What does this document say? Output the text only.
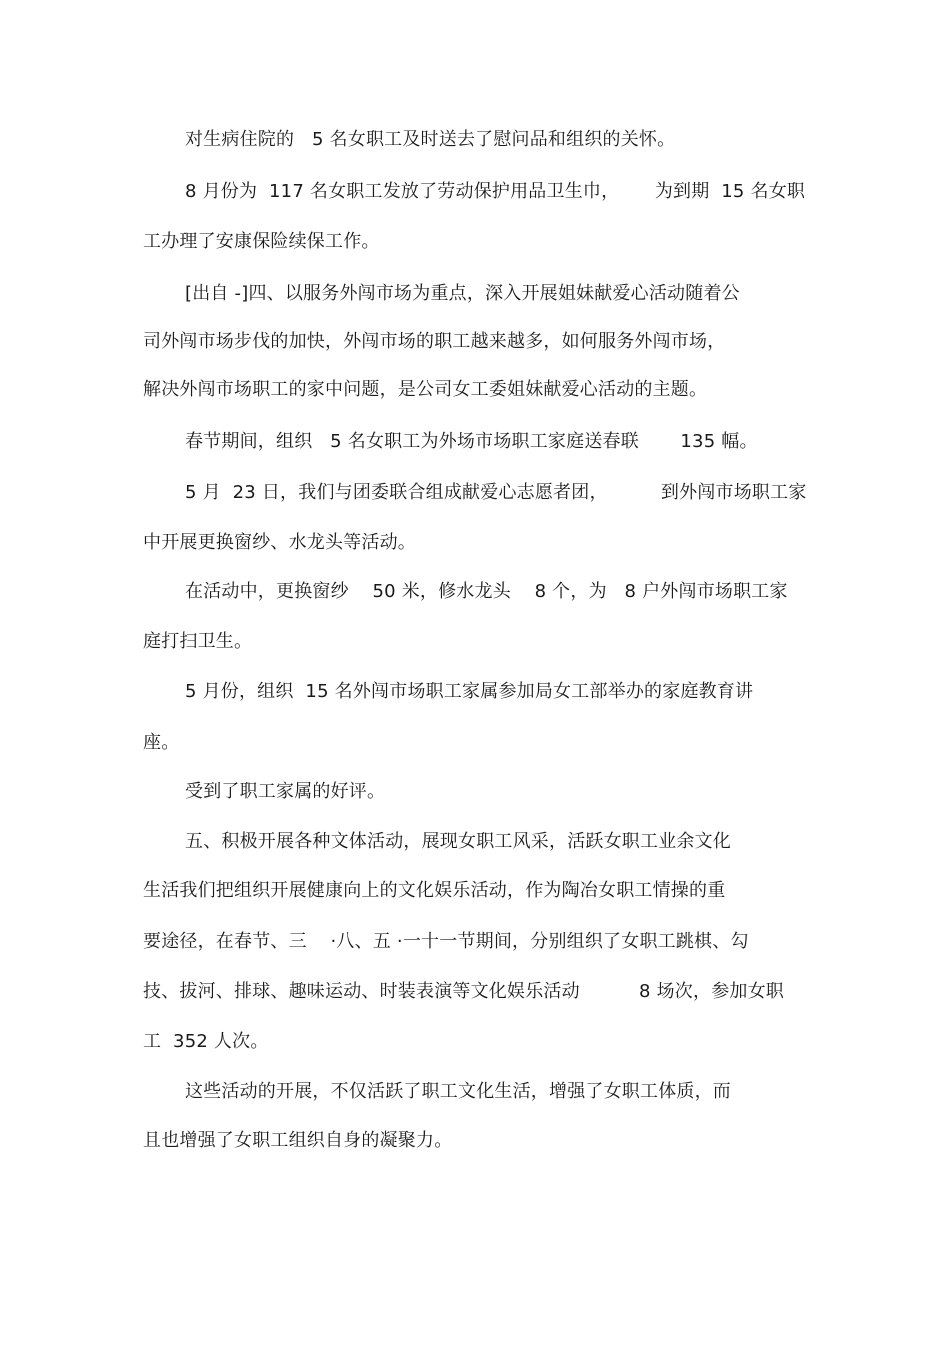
对生病住院的   5 名女职工及时送去了慰问品和组织的关怀。
8 月份为  117 名女职工发放了劳动保护用品卫生巾，      为到期  15 名女职
工办理了安康保险续保工作。
[出自 -]四、以服务外闯市场为重点，深入开展姐妹献爱心活动随着公
司外闯市场步伐的加快，外闯市场的职工越来越多，如何服务外闯市场，
解决外闯市场职工的家中问题，是公司女工委姐妹献爱心活动的主题。
春节期间，组织   5 名女职工为外场市场职工家庭送春联       135 幅。
5 月  23 日，我们与团委联合组成献爱心志愿者团，         到外闯市场职工家
中开展更换窗纱、水龙头等活动。
在活动中，更换窗纱    50 米，修水龙头    8 个，为   8 户外闯市场职工家
庭打扫卫生。
5 月份，组织  15 名外闯市场职工家属参加局女工部举办的家庭教育讲
座。
受到了职工家属的好评。
五、积极开展各种文体活动，展现女职工风采，活跃女职工业余文化
生活我们把组织开展健康向上的文化娱乐活动，作为陶冶女职工情操的重
要途径，在春节、三    ·八、五 ·一十一节期间，分别组织了女职工跳棋、勾
技、拔河、排球、趣味运动、时装表演等文化娱乐活动          8 场次，参加女职
工  352 人次。
这些活动的开展，不仅活跃了职工文化生活，增强了女职工体质，而
且也增强了女职工组织自身的凝聚力。
